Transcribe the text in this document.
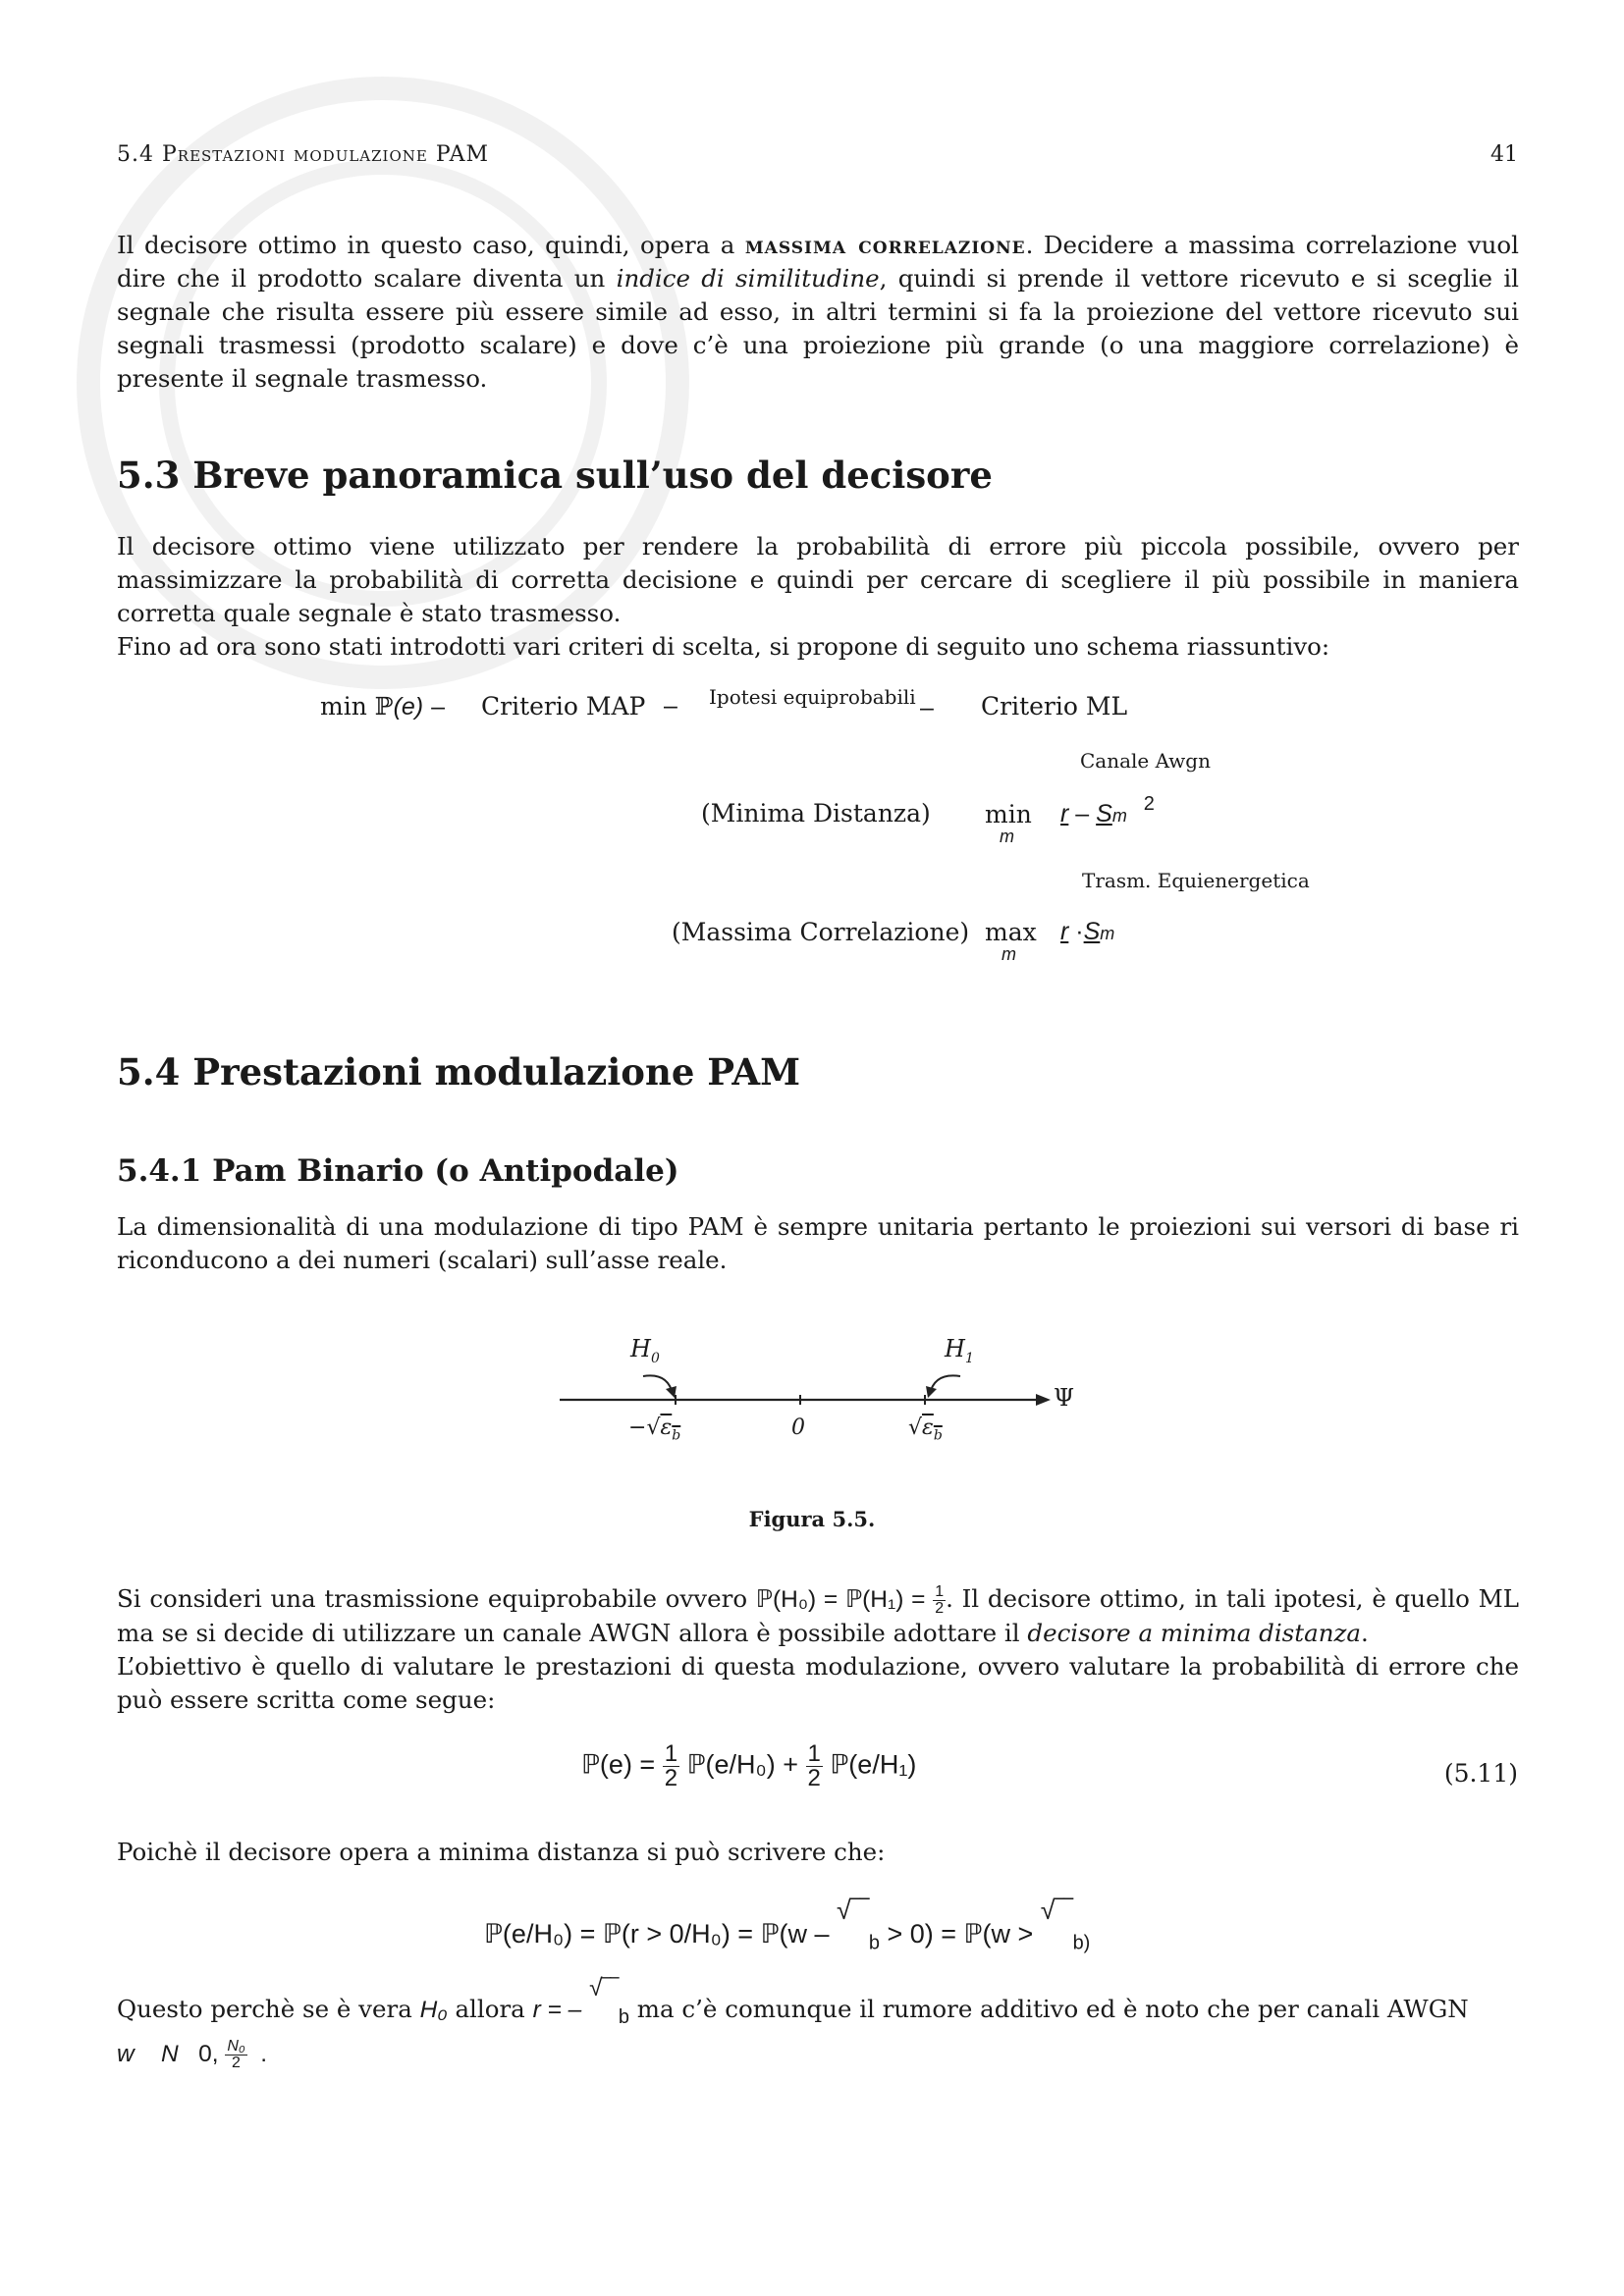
5.4 Prestazioni modulazione PAM	41

Il decisore ottimo in questo caso, quindi, opera a massima correlazione. Decidere a massima correlazione vuol dire che il prodotto scalare diventa un indice di similitudine, quindi si prende il vettore ricevuto e si sceglie il segnale che risulta essere più essere simile ad esso, in altri termini si fa la proiezione del vettore ricevuto sui segnali trasmessi (prodotto scalare) e dove c’è una proiezione più grande (o una maggiore correlazione) è presente il segnale trasmesso.

5.3 Breve panoramica sull’uso del decisore

Il decisore ottimo viene utilizzato per rendere la probabilità di errore più piccola possibile, ovvero per massimizzare la probabilità di corretta decisione e quindi per cercare di scegliere il più possibile in maniera corretta quale segnale è stato trasmesso.

Fino ad ora sono stati introdotti vari criteri di scelta, si propone di seguito uno schema riassuntivo:

min ℙ(e) – Criterio MAP – Ipotesi equiprobabili – Criterio ML
Canale Awgn
(Minima Distanza) min
m
r – Sm $^2$
Trasm. Equienergetica
(Massima Correlazione) max
m
r ·Sm
5.4 Prestazioni modulazione PAM
5.4.1 Pam Binario (o Antipodale)

La dimensionalità di una modulazione di tipo PAM è sempre unitaria pertanto le proiezioni sui versori di base ri riconducono a dei numeri (scalari) sull’asse reale.

$H_0$	$H_1$
Ψ
$-√\varepsilon_b$	0	$√\varepsilon_b$
Figura 5.5.

Si consideri una trasmissione equiprobabile ovvero ℙ(H₀) = ℙ(H₁) = $\frac{1}{2}$ . Il decisore ottimo, in tali ipotesi, è quello ML ma se si decide di utilizzare un canale AWGN allora è possibile adottare il decisore a minima distanza.

L’obiettivo è quello di valutare le prestazioni di questa modulazione, ovvero valutare la probabilità di errore che può essere scritta come segue:

ℙ(e) = $\frac{1}{2}$ ℙ(e/H₀) + $\frac{1}{2}$ ℙ(e/H₁)	(5.11)

Poichè il decisore opera a minima distanza si può scrivere che:

ℙ(e/H₀) = ℙ(r > 0/H₀) = ℙ(w – $√‾‾_b > 0$) = ℙ(w > $√‾‾_{b)}$

Questo perchè se è vera H₀ allora r = – $√‾‾_b$ ma c’è comunque il rumore additivo ed è noto che per canali AWGN

w N 0, $\frac{\text{N₀}}{2}$ .
